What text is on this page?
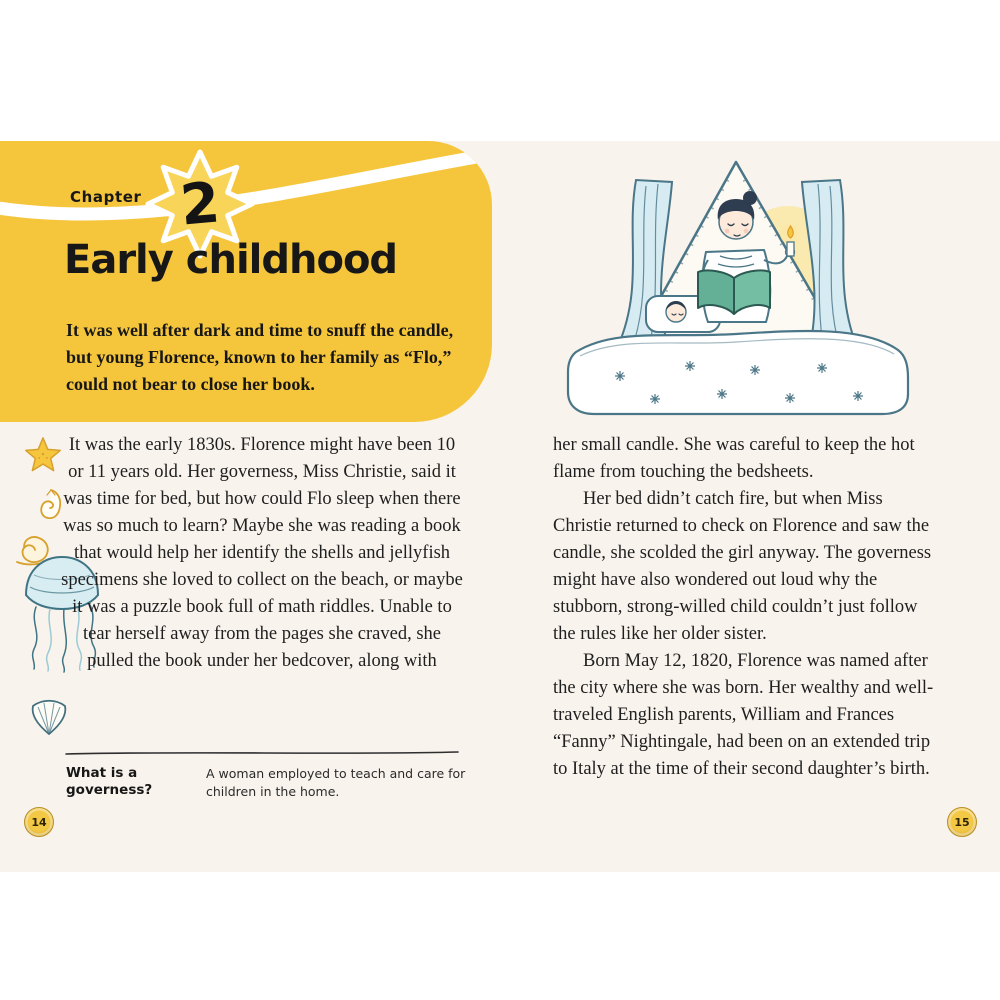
Chapter 2
Early childhood

It was well after dark and time to snuff the candle, but young Florence, known to her family as “Flo,” could not bear to close her book.

It was the early 1830s. Florence might have been 10 or 11 years old. Her governess, Miss Christie, said it was time for bed, but how could Flo sleep when there was so much to learn? Maybe she was reading a book that would help her identify the shells and jellyfish specimens she loved to collect on the beach, or maybe it was a puzzle book full of math riddles. Unable to tear herself away from the pages she craved, she pulled the book under her bedcover, along with

What is a governess?

A woman employed to teach and care for children in the home.

14

her small candle. She was careful to keep the hot flame from touching the bedsheets.

Her bed didn’t catch fire, but when Miss Christie returned to check on Florence and saw the candle, she scolded the girl anyway. The governess might have also wondered out loud why the stubborn, strong-willed child couldn’t just follow the rules like her older sister.

Born May 12, 1820, Florence was named after the city where she was born. Her wealthy and well-traveled English parents, William and Frances “Fanny” Nightingale, had been on an extended trip to Italy at the time of their second daughter’s birth.

15
